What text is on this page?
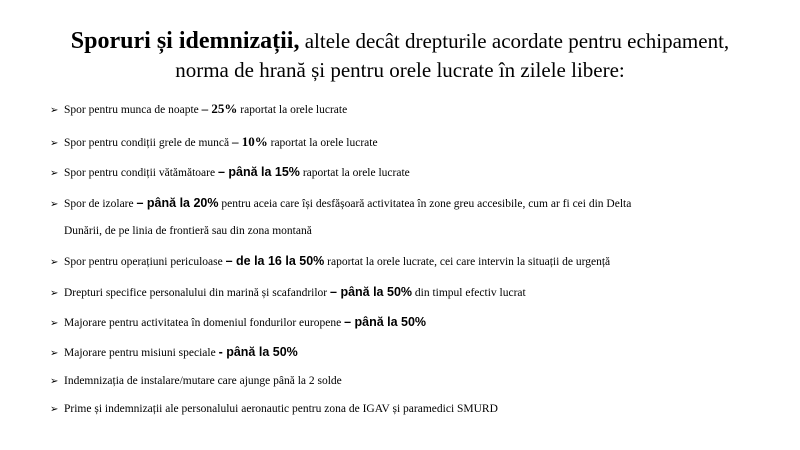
Sporuri și idemnizații, altele decât drepturile acordate pentru echipament,
norma de hrană și pentru orele lucrate în zilele libere:
➢ Spor pentru munca de noapte – 25% raportat la orele lucrate
➢ Spor pentru condiții grele de muncă – 10% raportat la orele lucrate
➢ Spor pentru condiții vătămătoare – până la 15% raportat la orele lucrate
➢ Spor de izolare – până la 20% pentru aceia care își desfășoară activitatea în zone greu accesibile, cum ar fi cei din Delta
Dunării, de pe linia de frontieră sau din zona montană
➢ Spor pentru operațiuni periculoase – de la 16 la 50% raportat la orele lucrate, cei care intervin la situații de urgență
➢ Drepturi specifice personalului din marină și scafandrilor – până la 50% din timpul efectiv lucrat
➢ Majorare pentru activitatea în domeniul fondurilor europene – până la 50%
➢ Majorare pentru misiuni speciale - până la 50%
➢ Indemnizația de instalare/mutare care ajunge până la 2 solde
➢ Prime și indemnizații ale personalului aeronautic pentru zona de IGAV și paramedici SMURD
